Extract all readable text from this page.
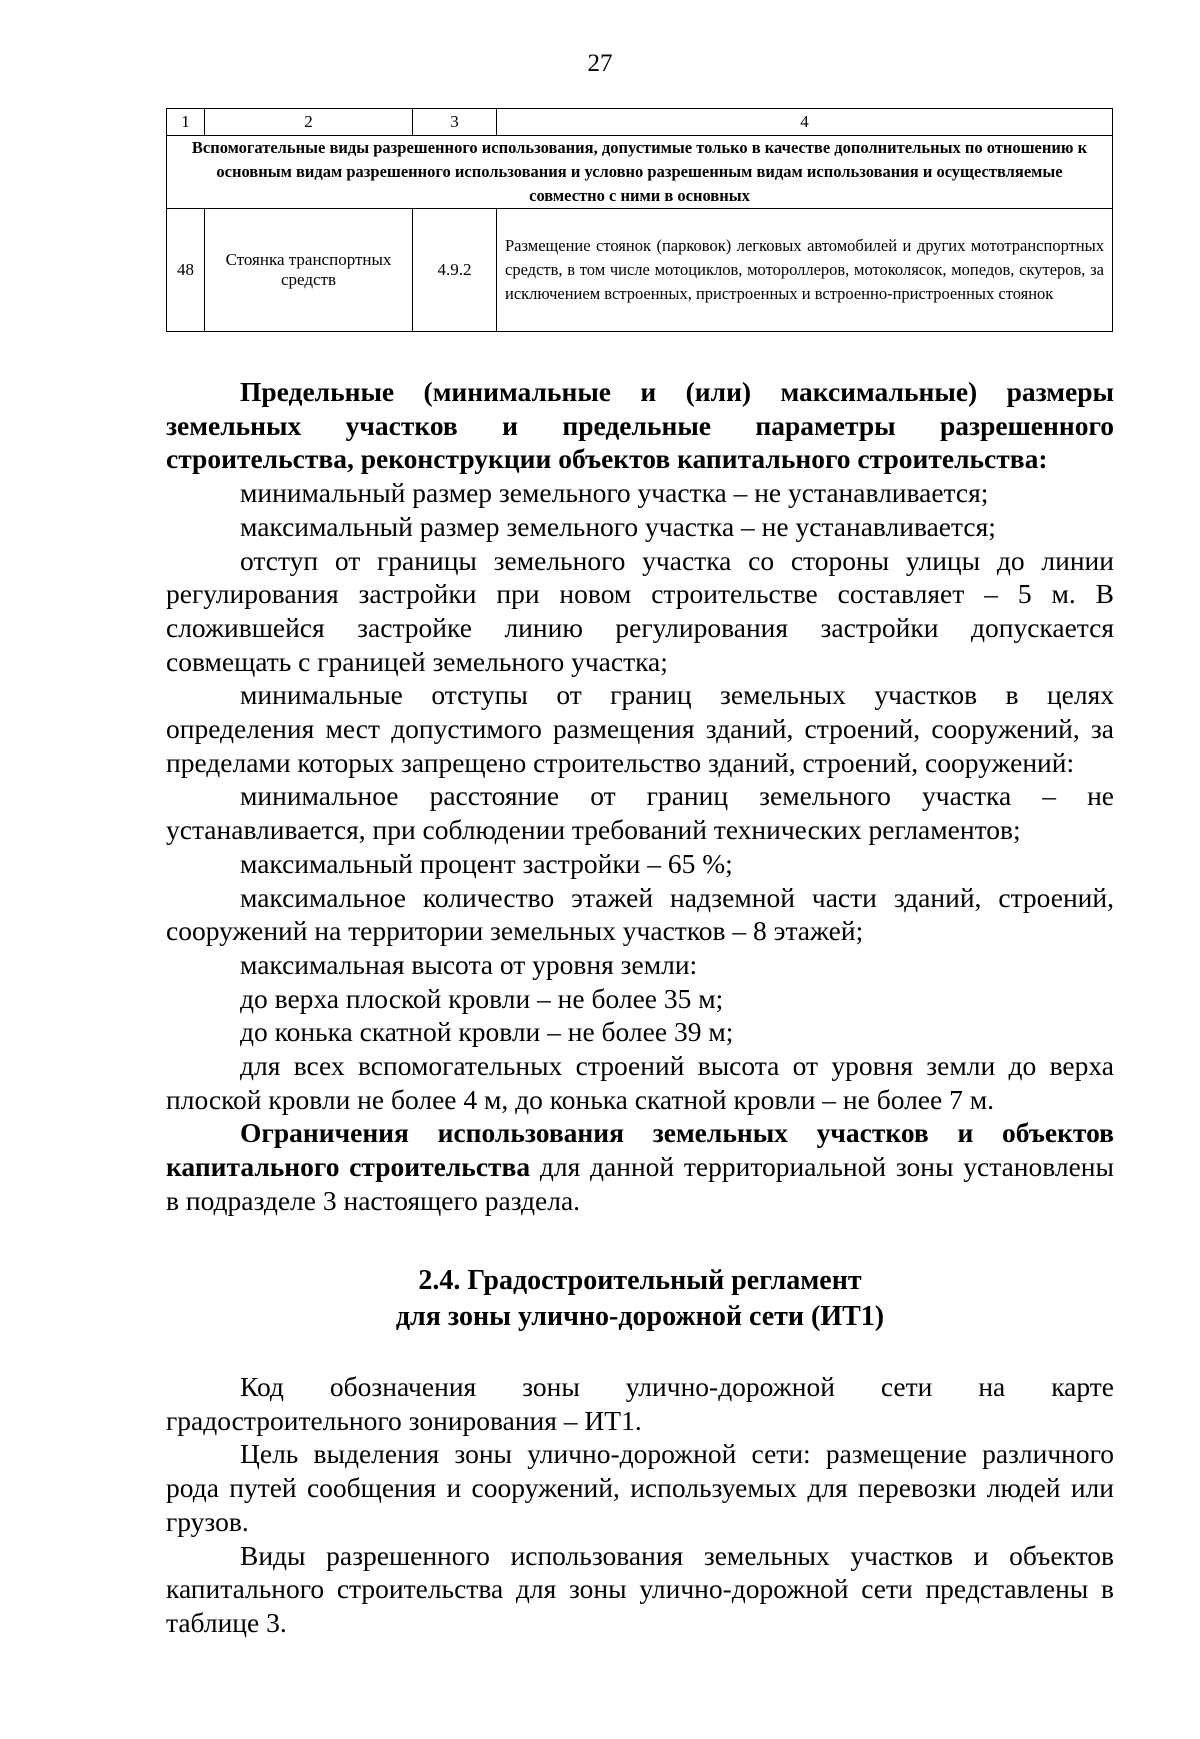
27
1	2	3	4

Вспомогательные виды разрешенного использования, допустимые только в качестве дополнительных по отношению к основным видам разрешенного использования и условно разрешенным видам использования и осуществляемые совместно с ними в основных			

48	Стоянка транспортных средств	4.9.2	Размещение стоянок (парковок) легковых автомобилей и других мототранспортных средств, в том числе мотоциклов, мотороллеров, мотоколясок, мопедов, скутеров, за исключением встроенных, пристроенных и встроенно-пристроенных стоянок

Предельные (минимальные и (или) максимальные) размеры земельных участков и предельные параметры разрешенного строительства, реконструкции объектов капитального строительства:

минимальный размер земельного участка – не устанавливается;

максимальный размер земельного участка – не устанавливается;

отступ от границы земельного участка со стороны улицы до линии регулирования застройки при новом строительстве составляет – 5 м. В сложившейся застройке линию регулирования застройки допускается совмещать с границей земельного участка;

минимальные отступы от границ земельных участков в целях определения мест допустимого размещения зданий, строений, сооружений, за пределами которых запрещено строительство зданий, строений, сооружений:

минимальное расстояние от границ земельного участка – не устанавливается, при соблюдении требований технических регламентов;

максимальный процент застройки – 65 %;

максимальное количество этажей надземной части зданий, строений, сооружений на территории земельных участков – 8 этажей;

максимальная высота от уровня земли:

до верха плоской кровли – не более 35 м;

до конька скатной кровли – не более 39 м;

для всех вспомогательных строений высота от уровня земли до верха плоской кровли не более 4 м, до конька скатной кровли – не более 7 м.

Ограничения использования земельных участков и объектов капитального строительства для данной территориальной зоны установлены в подразделе 3 настоящего раздела.

2.4. Градостроительный регламент
для зоны улично-дорожной сети (ИТ1)

Код обозначения зоны улично-дорожной сети на карте градостроительного зонирования – ИТ1.

Цель выделения зоны улично-дорожной сети: размещение различного рода путей сообщения и сооружений, используемых для перевозки людей или грузов.

Виды разрешенного использования земельных участков и объектов капитального строительства для зоны улично-дорожной сети представлены в таблице 3.
